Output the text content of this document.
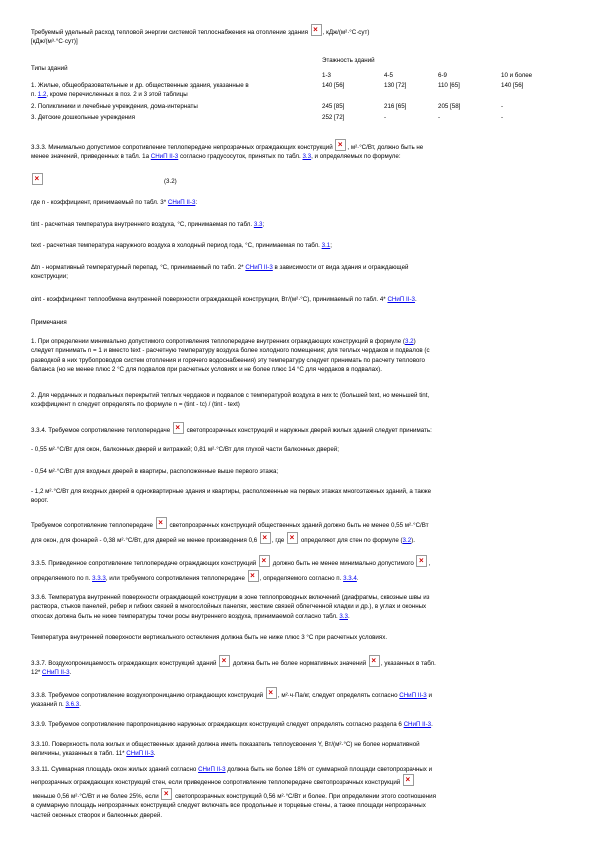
Требуемый удельный расход тепловой энергии системой теплоснабжения на отопление здания ×, кДж/(м²·°С·сут)

[кДж/(м³·°С·сут)]

Этажность зданий
Типы зданий
1-3	4-5	6-9	10 и более
1. Жилые, общеобразовательные и др. общественные здания, указанные в
п. 1.2, кроме перечисленных в поз. 2 и 3 этой таблицы
140 [56]	130 [72]	110 [65]	140 [56]
2. Поликлиники и лечебные учреждения, дома-интернаты	245 [85]	216 [65]	205 [58]	-
3. Детские дошкольные учреждения	252 [72]	-	-	-

3.3.3. Минимально допустимое сопротивление теплопередаче непрозрачных ограждающих конструкций ×, м²·°С/Вт, должно быть не

менее значений, приведенных в табл. 1а СНиП II-3 согласно градусосуток, принятых по табл. 3.3, и определяемых по формуле:

×
(3.2)
где n - коэффициент, принимаемый по табл. 3* СНиП II-3:
tint - расчетная температура внутреннего воздуха, °С, принимаемая по табл. 3.3;
text - расчетная температура наружного воздуха в холодный период года, °С, принимаемая по табл. 3.1;

Δtn - нормативный температурный перепад, °С, принимаемый по табл. 2* СНиП II-3 в зависимости от вида здания и ограждающей

конструкции;

αint - коэффициент теплообмена внутренней поверхности ограждающей конструкции, Вт/(м²·°С), принимаемый по табл. 4* СНиП II-3.
Примечания

1. При определении минимально допустимого сопротивления теплопередаче внутренних ограждающих конструкций в формуле (3.2)

следует принимать n = 1 и вместо text - расчетную температуру воздуха более холодного помещения; для теплых чердаков и подвалов (с

разводкой в них трубопроводов систем отопления и горячего водоснабжения) эту температуру следует принимать по расчету теплового

баланса (но не менее плюс 2 °С для подвалов при расчетных условиях и не более плюс 14 °С для чердаков в подвалах).

2. Для чердачных и подвальных перекрытий теплых чердаков и подвалов с температурой воздуха в них tc (большей text, но меньшей tint,

коэффициент n следует определять по формуле n = (tint - tc) / (tint - text)

3.3.4. Требуемое сопротивление теплопередаче × светопрозрачных конструкций и наружных дверей жилых зданий следует принимать:
- 0,55 м²·°С/Вт для окон, балконных дверей и витражей; 0,81 м²·°С/Вт для глухой части балконных дверей;
- 0,54 м²·°С/Вт для входных дверей в квартиры, расположенные выше первого этажа;

- 1,2 м²·°С/Вт для входных дверей в одноквартирные здания и квартиры, расположенные на первых этажах многоэтажных зданий, а также

ворот.

Требуемое сопротивление теплопередаче × светопрозрачных конструкций общественных зданий должно быть не менее 0,55 м²·°С/Вт

для окон, для фонарей - 0,38 м²·°С/Вт, для дверей не менее произведения 0,6 ×, где × определяют для стен по формуле (3.2).

3.3.5. Приведенное сопротивление теплопередаче ограждающих конструкций × должно быть не менее минимально допустимого ×,

определяемого по п. 3.3.3, или требуемого сопротивления теплопередаче ×, определяемого согласно п. 3.3.4.

3.3.6. Температура внутренней поверхности ограждающей конструкции в зоне теплопроводных включений (диафрагмы, сквозные швы из

раствора, стыков панелей, ребер и гибких связей в многослойных панелях, жесткие связей облегченной кладки и др.), в углах и оконных

откосах должна быть не ниже температуры точки росы внутреннего воздуха, принимаемой согласно табл. 3.3.

Температура внутренней поверхности вертикального остекления должна быть не ниже плюс 3 °С при расчетных условиях.

3.3.7. Воздухопроницаемость ограждающих конструкций зданий × должна быть не более нормативных значений ×, указанных в табл.

12* СНиП II-3.

3.3.8. Требуемое сопротивление воздухопроницанию ограждающих конструкций ×, м²·ч·Па/кг, следует определять согласно СНиП II-3 и

указаний п. 3.6.3.

3.3.9. Требуемое сопротивление паропроницанию наружных ограждающих конструкций следует определять согласно раздела 6 СНиП II-3.

3.3.10. Поверхность пола жилых и общественных зданий должна иметь показатель теплоусвоения Y, Вт/(м²·°С) не более нормативной

величины, указанных в табл. 11* СНиП II-3.

3.3.11. Суммарная площадь окон жилых зданий согласно СНиП II-3 должна быть не более 18% от суммарной площади светопрозрачных и

непрозрачных ограждающих конструкций стен, если приведенное сопротивление теплопередаче светопрозрачных конструкций ×

меньше 0,56 м²·°С/Вт и не более 25%, если × светопрозрачных конструкций 0,56 м²·°С/Вт и более. При определении этого соотношения

в суммарную площадь непрозрачных конструкций следует включать все продольные и торцевые стены, а также площади непрозрачных

частей оконных створок и балконных дверей.
